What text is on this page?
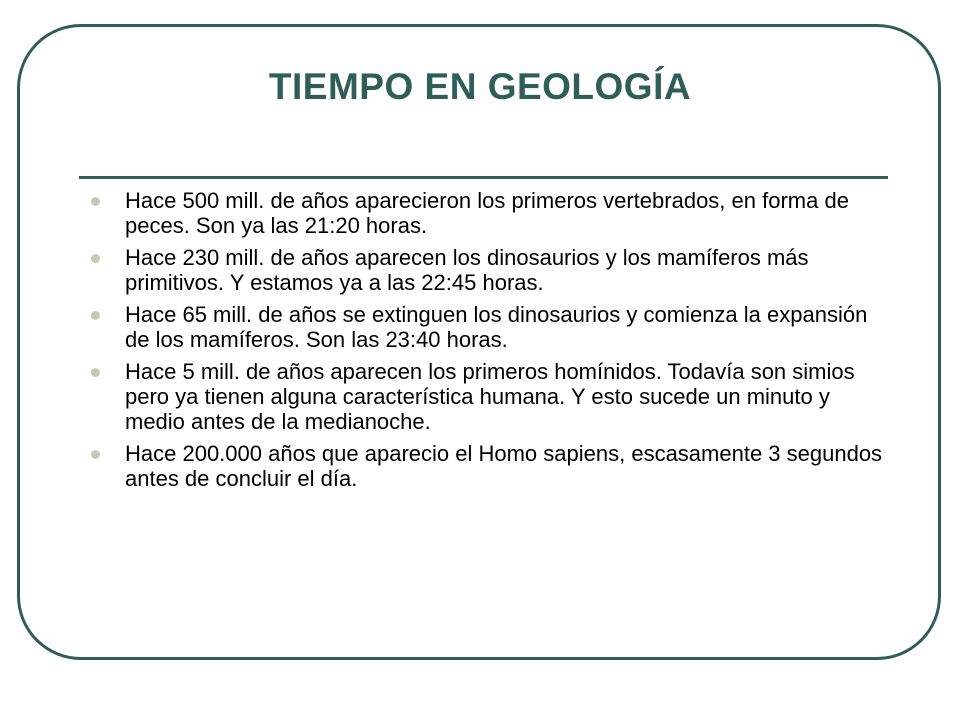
TIEMPO EN GEOLOGÍA
Hace 500 mill. de años aparecieron los primeros vertebrados, en forma de peces. Son ya las 21:20 horas.
Hace 230 mill. de años aparecen los dinosaurios y los mamíferos más primitivos. Y estamos ya a las 22:45 horas.
Hace 65 mill. de años se extinguen los dinosaurios y comienza la expansión de los mamíferos. Son las 23:40 horas.
Hace 5 mill. de años aparecen los primeros homínidos. Todavía son simios pero ya tienen alguna característica humana. Y esto sucede un minuto y medio antes de la medianoche.
Hace 200.000 años que aparecio el Homo sapiens, escasamente 3 segundos antes de concluir el día.
